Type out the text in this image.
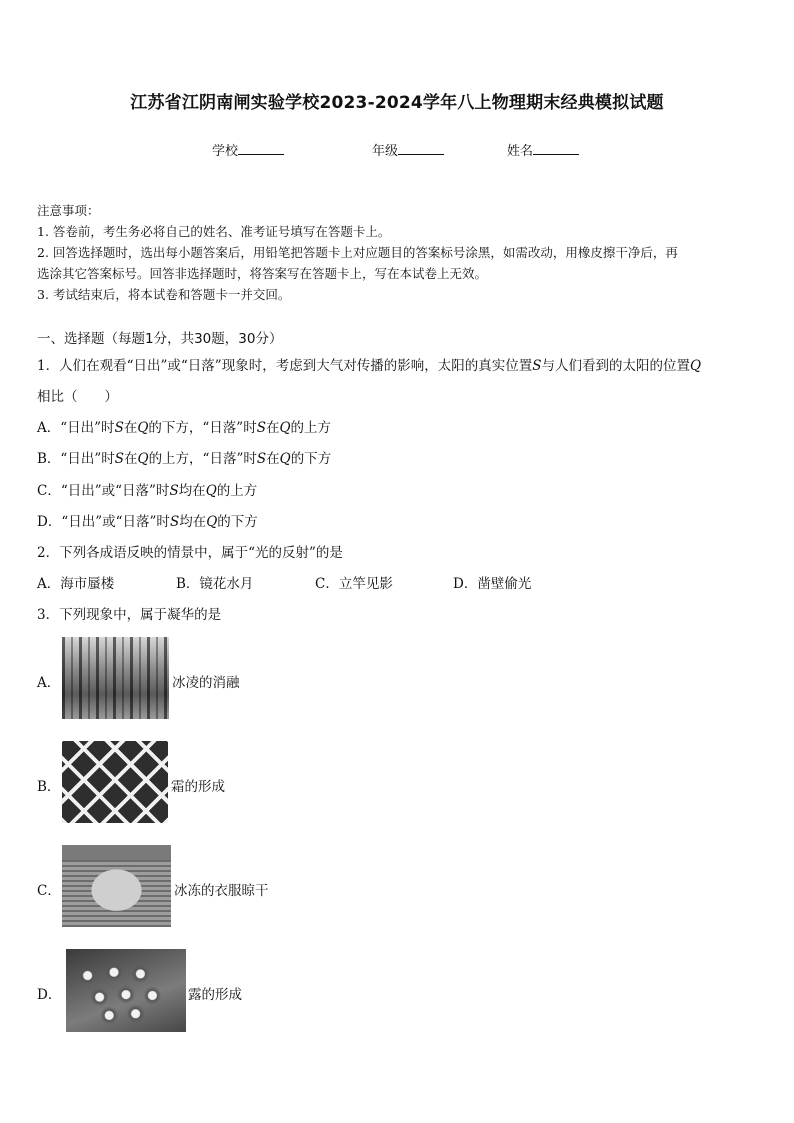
江苏省江阴南闸实验学校2023-2024学年八上物理期末经典模拟试题
学校	年级	姓名
注意事项：
1. 答卷前，考生务必将自己的姓名、准考证号填写在答题卡上。
2. 回答选择题时，选出每小题答案后，用铅笔把答题卡上对应题目的答案标号涂黑，如需改动，用橡皮擦干净后，再
选涂其它答案标号。回答非选择题时，将答案写在答题卡上，写在本试卷上无效。
3. 考试结束后，将本试卷和答题卡一并交回。
一、选择题（每题1分，共30题，30分）
1．人们在观看“日出”或“日落”现象时，考虑到大气对传播的影响，太阳的真实位置S与人们看到的太阳的位置Q
相比（　　）
A．“日出”时S在Q的下方，“日落”时S在Q的上方
B．“日出”时S在Q的上方，“日落”时S在Q的下方
C．“日出”或“日落”时S均在Q的上方
D．“日出”或“日落”时S均在Q的下方
2．下列各成语反映的情景中，属于“光的反射”的是
A．海市蜃楼	B．镜花水月	C．立竿见影	D．凿壁偷光
3．下列现象中，属于凝华的是
A．	冰凌的消融
B．	霜的形成
C．	冰冻的衣服晾干
D．	露的形成
